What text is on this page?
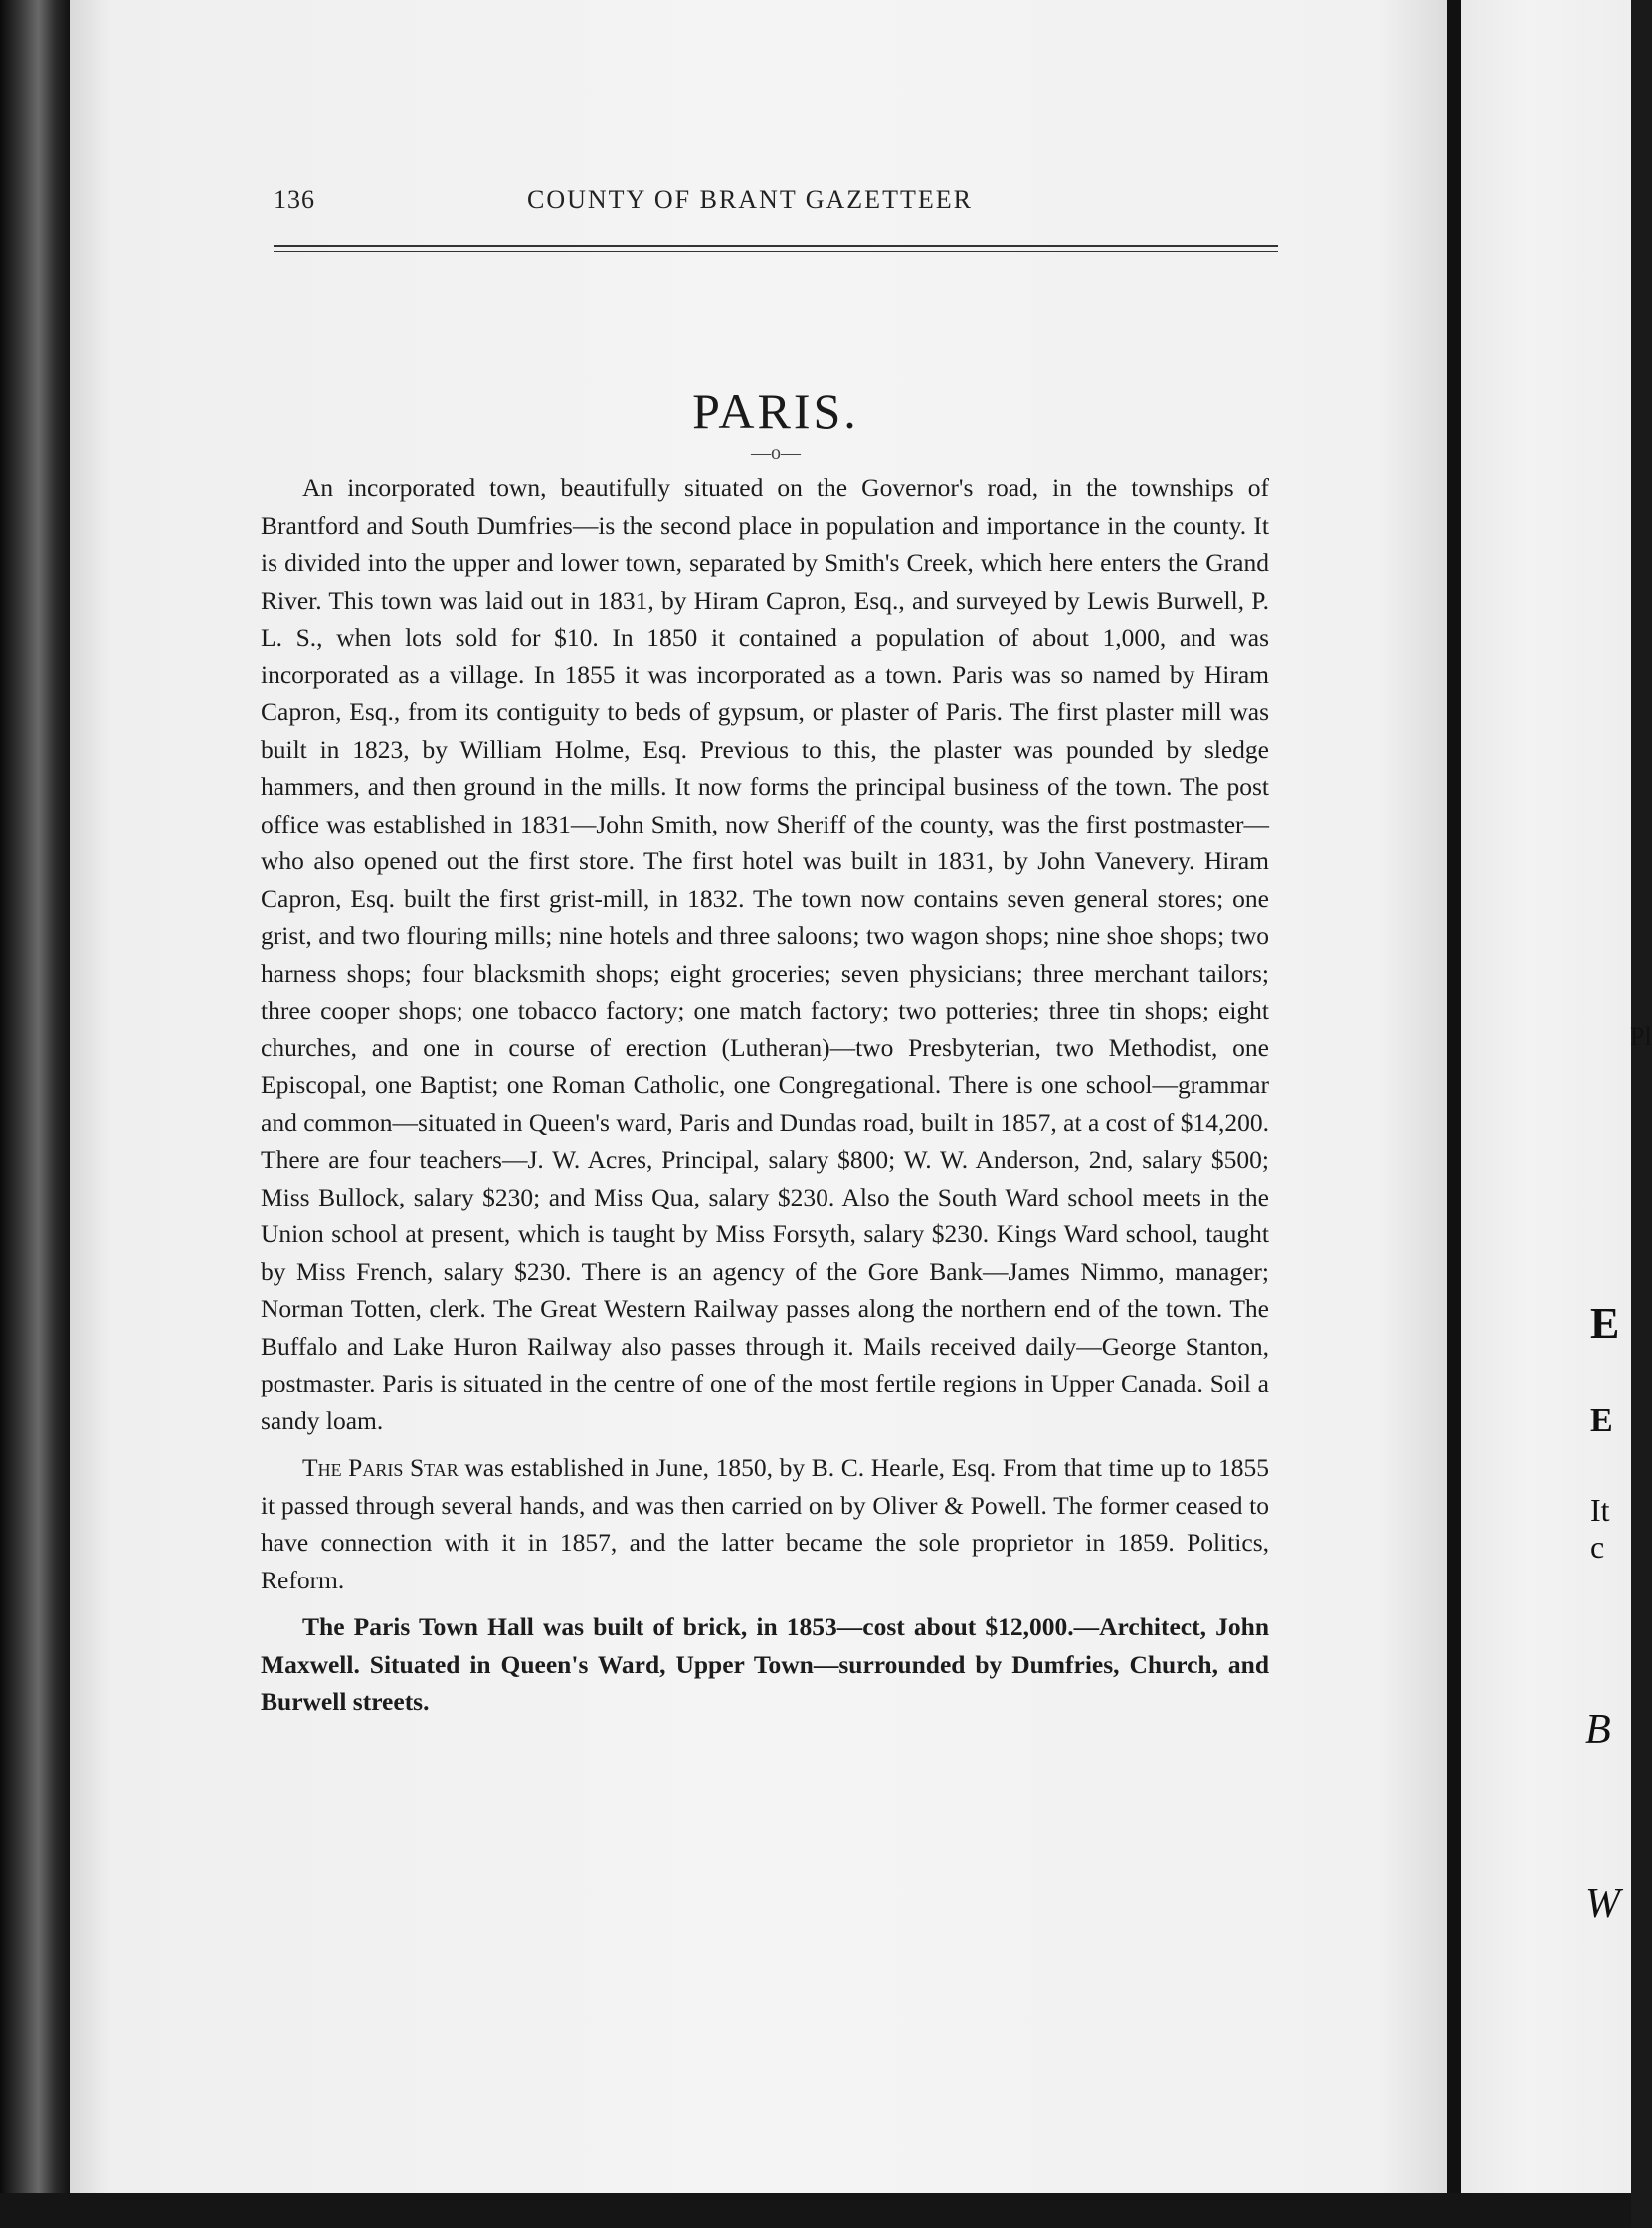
136	COUNTY OF BRANT GAZETTEER
PARIS.
—o—

An incorporated town, beautifully situated on the Governor's road, in the townships of Brantford and South Dumfries—is the second place in population and importance in the county. It is divided into the upper and lower town, separated by Smith's Creek, which here enters the Grand River. This town was laid out in 1831, by Hiram Capron, Esq., and surveyed by Lewis Burwell, P. L. S., when lots sold for $10. In 1850 it contained a population of about 1,000, and was incorporated as a village. In 1855 it was incorporated as a town. Paris was so named by Hiram Capron, Esq., from its contiguity to beds of gypsum, or plaster of Paris. The first plaster mill was built in 1823, by William Holme, Esq. Previous to this, the plaster was pounded by sledge hammers, and then ground in the mills. It now forms the principal business of the town. The post office was established in 1831—John Smith, now Sheriff of the county, was the first postmaster—who also opened out the first store. The first hotel was built in 1831, by John Vanevery. Hiram Capron, Esq. built the first grist-mill, in 1832. The town now contains seven general stores; one grist, and two flouring mills; nine hotels and three saloons; two wagon shops; nine shoe shops; two harness shops; four blacksmith shops; eight groceries; seven physicians; three merchant tailors; three cooper shops; one tobacco factory; one match factory; two potteries; three tin shops; eight churches, and one in course of erection (Lutheran)—two Presbyterian, two Methodist, one Episcopal, one Baptist; one Roman Catholic, one Congregational. There is one school—grammar and common—situated in Queen's ward, Paris and Dundas road, built in 1857, at a cost of $14,200. There are four teachers—J. W. Acres, Principal, salary $800; W. W. Anderson, 2nd, salary $500; Miss Bullock, salary $230; and Miss Qua, salary $230. Also the South Ward school meets in the Union school at present, which is taught by Miss Forsyth, salary $230. Kings Ward school, taught by Miss French, salary $230. There is an agency of the Gore Bank—James Nimmo, manager; Norman Totten, clerk. The Great Western Railway passes along the northern end of the town. The Buffalo and Lake Huron Railway also passes through it. Mails received daily—George Stanton, postmaster. Paris is situated in the centre of one of the most fertile regions in Upper Canada. Soil a sandy loam.

The Paris Star was established in June, 1850, by B. C. Hearle, Esq. From that time up to 1855 it passed through several hands, and was then carried on by Oliver & Powell. The former ceased to have connection with it in 1857, and the latter became the sole proprietor in 1859. Politics, Reform.

The Paris Town Hall was built of brick, in 1853—cost about $12,000.—Architect, John Maxwell. Situated in Queen's Ward, Upper Town—surrounded by Dumfries, Church, and Burwell streets.

Pl
E
E
It c
B
W
